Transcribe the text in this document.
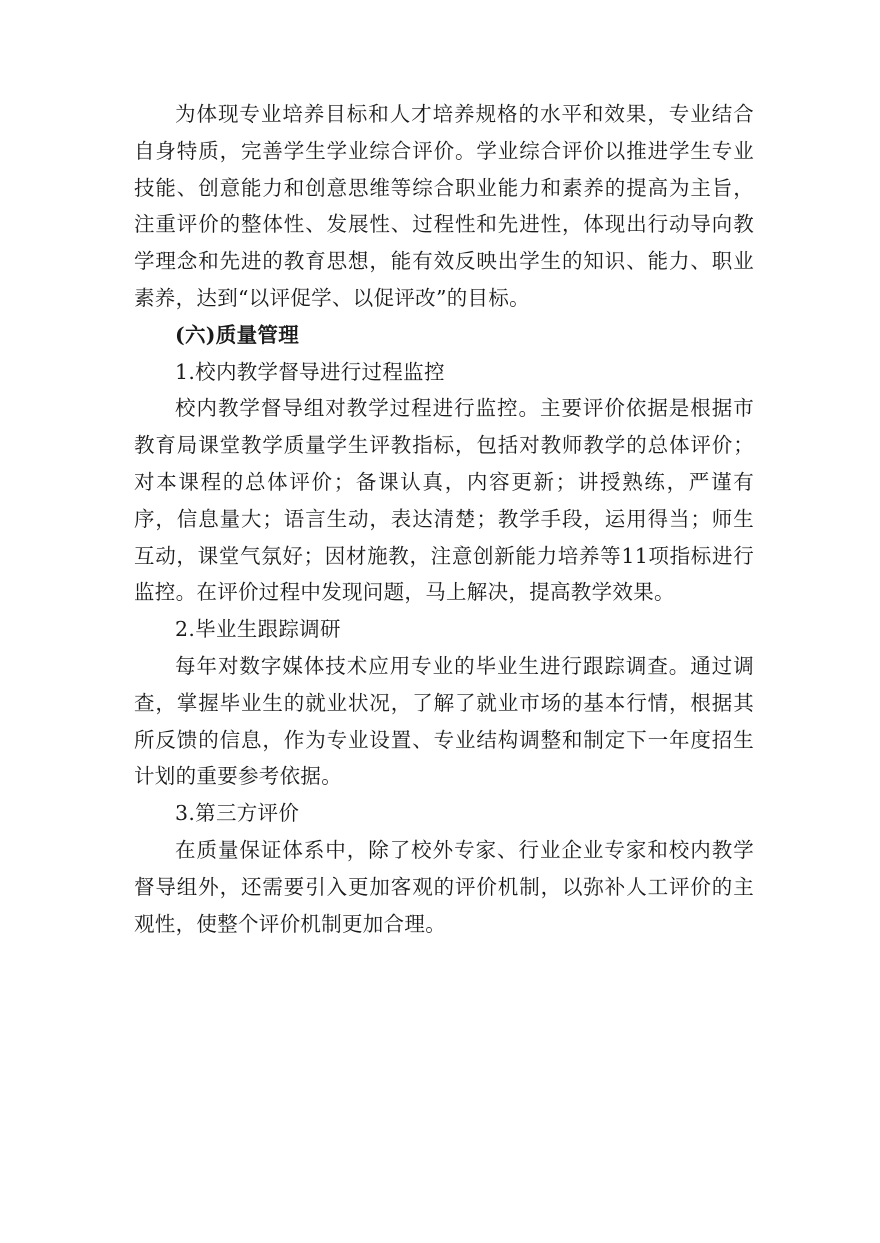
为体现专业培养目标和人才培养规格的水平和效果，专业结合自身特质，完善学生学业综合评价。学业综合评价以推进学生专业技能、创意能力和创意思维等综合职业能力和素养的提高为主旨，注重评价的整体性、发展性、过程性和先进性，体现出行动导向教学理念和先进的教育思想，能有效反映出学生的知识、能力、职业素养，达到“以评促学、以促评改”的目标。

(六)质量管理

1.校内教学督导进行过程监控

校内教学督导组对教学过程进行监控。主要评价依据是根据市教育局课堂教学质量学生评教指标，包括对教师教学的总体评价；对本课程的总体评价；备课认真，内容更新；讲授熟练，严谨有序，信息量大；语言生动，表达清楚；教学手段，运用得当；师生互动，课堂气氛好；因材施教，注意创新能力培养等11项指标进行监控。在评价过程中发现问题，马上解决，提高教学效果。

2.毕业生跟踪调研

每年对数字媒体技术应用专业的毕业生进行跟踪调查。通过调查，掌握毕业生的就业状况，了解了就业市场的基本行情，根据其所反馈的信息，作为专业设置、专业结构调整和制定下一年度招生计划的重要参考依据。

3.第三方评价

在质量保证体系中，除了校外专家、行业企业专家和校内教学督导组外，还需要引入更加客观的评价机制，以弥补人工评价的主观性，使整个评价机制更加合理。
